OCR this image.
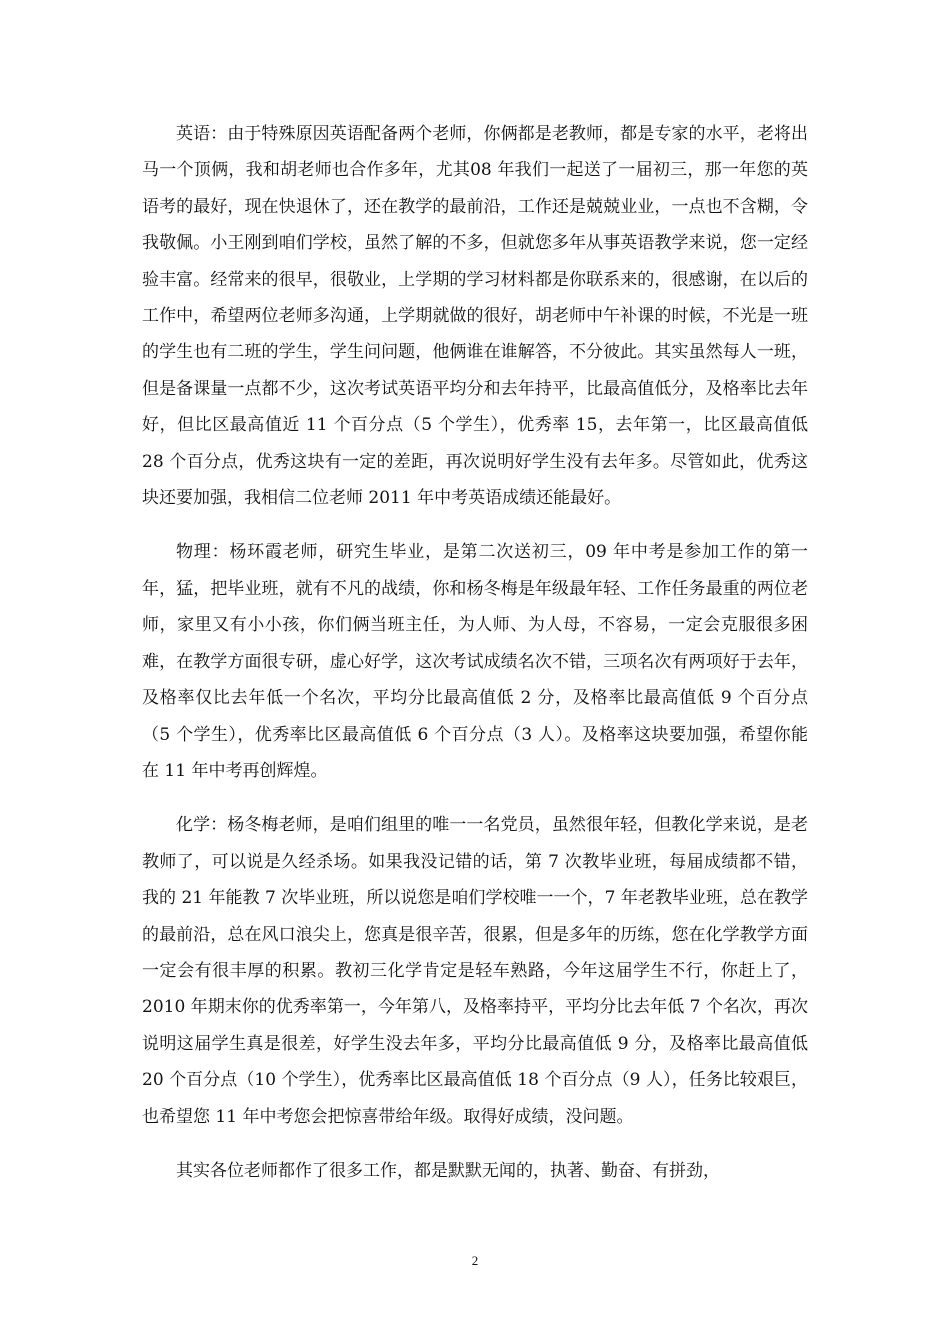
英语：由于特殊原因英语配备两个老师，你俩都是老教师，都是专家的水平，老将出马一个顶俩，我和胡老师也合作多年，尤其08 年我们一起送了一届初三，那一年您的英语考的最好，现在快退休了，还在教学的最前沿，工作还是兢兢业业，一点也不含糊，令我敬佩。小王刚到咱们学校，虽然了解的不多，但就您多年从事英语教学来说，您一定经验丰富。经常来的很早，很敬业，上学期的学习材料都是你联系来的，很感谢，在以后的工作中，希望两位老师多沟通，上学期就做的很好，胡老师中午补课的时候，不光是一班的学生也有二班的学生，学生问问题，他俩谁在谁解答，不分彼此。其实虽然每人一班，但是备课量一点都不少，这次考试英语平均分和去年持平，比最高值低分，及格率比去年好，但比区最高值近 11 个百分点（5 个学生），优秀率 15，去年第一，比区最高值低 28 个百分点，优秀这块有一定的差距，再次说明好学生没有去年多。尽管如此，优秀这块还要加强，我相信二位老师 2011 年中考英语成绩还能最好。

物理：杨环霞老师，研究生毕业，是第二次送初三，09 年中考是参加工作的第一年，猛，把毕业班，就有不凡的战绩，你和杨冬梅是年级最年轻、工作任务最重的两位老师，家里又有小小孩，你们俩当班主任，为人师、为人母，不容易，一定会克服很多困难，在教学方面很专研，虚心好学，这次考试成绩名次不错，三项名次有两项好于去年，及格率仅比去年低一个名次，平均分比最高值低 2 分，及格率比最高值低 9 个百分点（5 个学生），优秀率比区最高值低 6 个百分点（3 人）。及格率这块要加强，希望你能在 11 年中考再创辉煌。

化学：杨冬梅老师，是咱们组里的唯一一名党员，虽然很年轻，但教化学来说，是老教师了，可以说是久经杀场。如果我没记错的话，第 7 次教毕业班，每届成绩都不错，我的 21 年能教 7 次毕业班，所以说您是咱们学校唯一一个，7 年老教毕业班，总在教学的最前沿，总在风口浪尖上，您真是很辛苦，很累，但是多年的历练，您在化学教学方面一定会有很丰厚的积累。教初三化学肯定是轻车熟路，今年这届学生不行，你赶上了，2010 年期末你的优秀率第一，今年第八，及格率持平，平均分比去年低 7 个名次，再次说明这届学生真是很差，好学生没去年多，平均分比最高值低 9 分，及格率比最高值低 20 个百分点（10 个学生），优秀率比区最高值低 18 个百分点（9 人），任务比较艰巨，也希望您 11 年中考您会把惊喜带给年级。取得好成绩，没问题。

其实各位老师都作了很多工作，都是默默无闻的，执著、勤奋、有拼劲，

2
